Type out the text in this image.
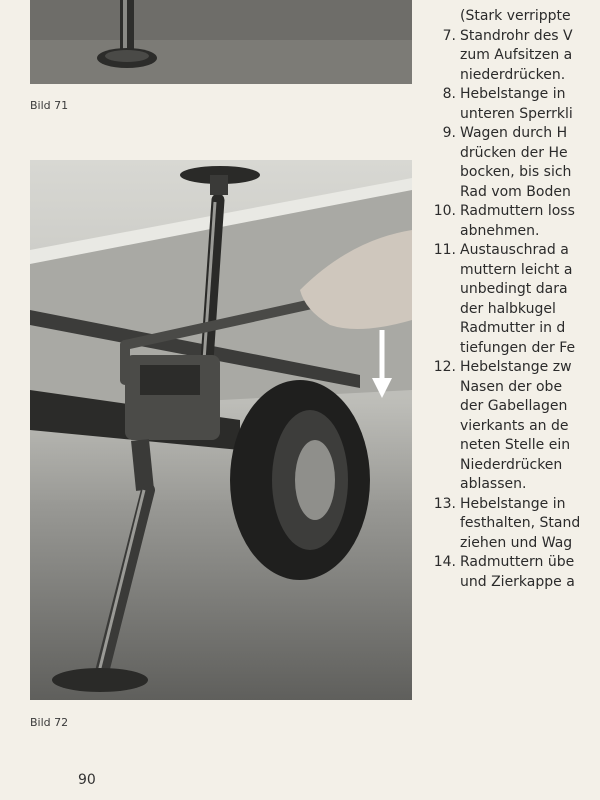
Bild 71
Bild 72
90
(Stark verrippte
7. Standrohr des V
zum Aufsitzen a
niederdrücken.
8. Hebelstange in
unteren Sperrkli
9. Wagen durch H
drücken der He
bocken, bis sich
Rad vom Boden
10. Radmuttern loss
abnehmen.
11. Austauschrad a
muttern leicht a
unbedingt dara
der halbkugel
Radmutter in d
tiefungen der Fe
12. Hebelstange zw
Nasen der obe
der Gabellagen
vierkants an de
neten Stelle ein
Niederdrücken
ablassen.
13. Hebelstange in
festhalten, Stand
ziehen und Wag
14. Radmuttern übe
und Zierkappe a
